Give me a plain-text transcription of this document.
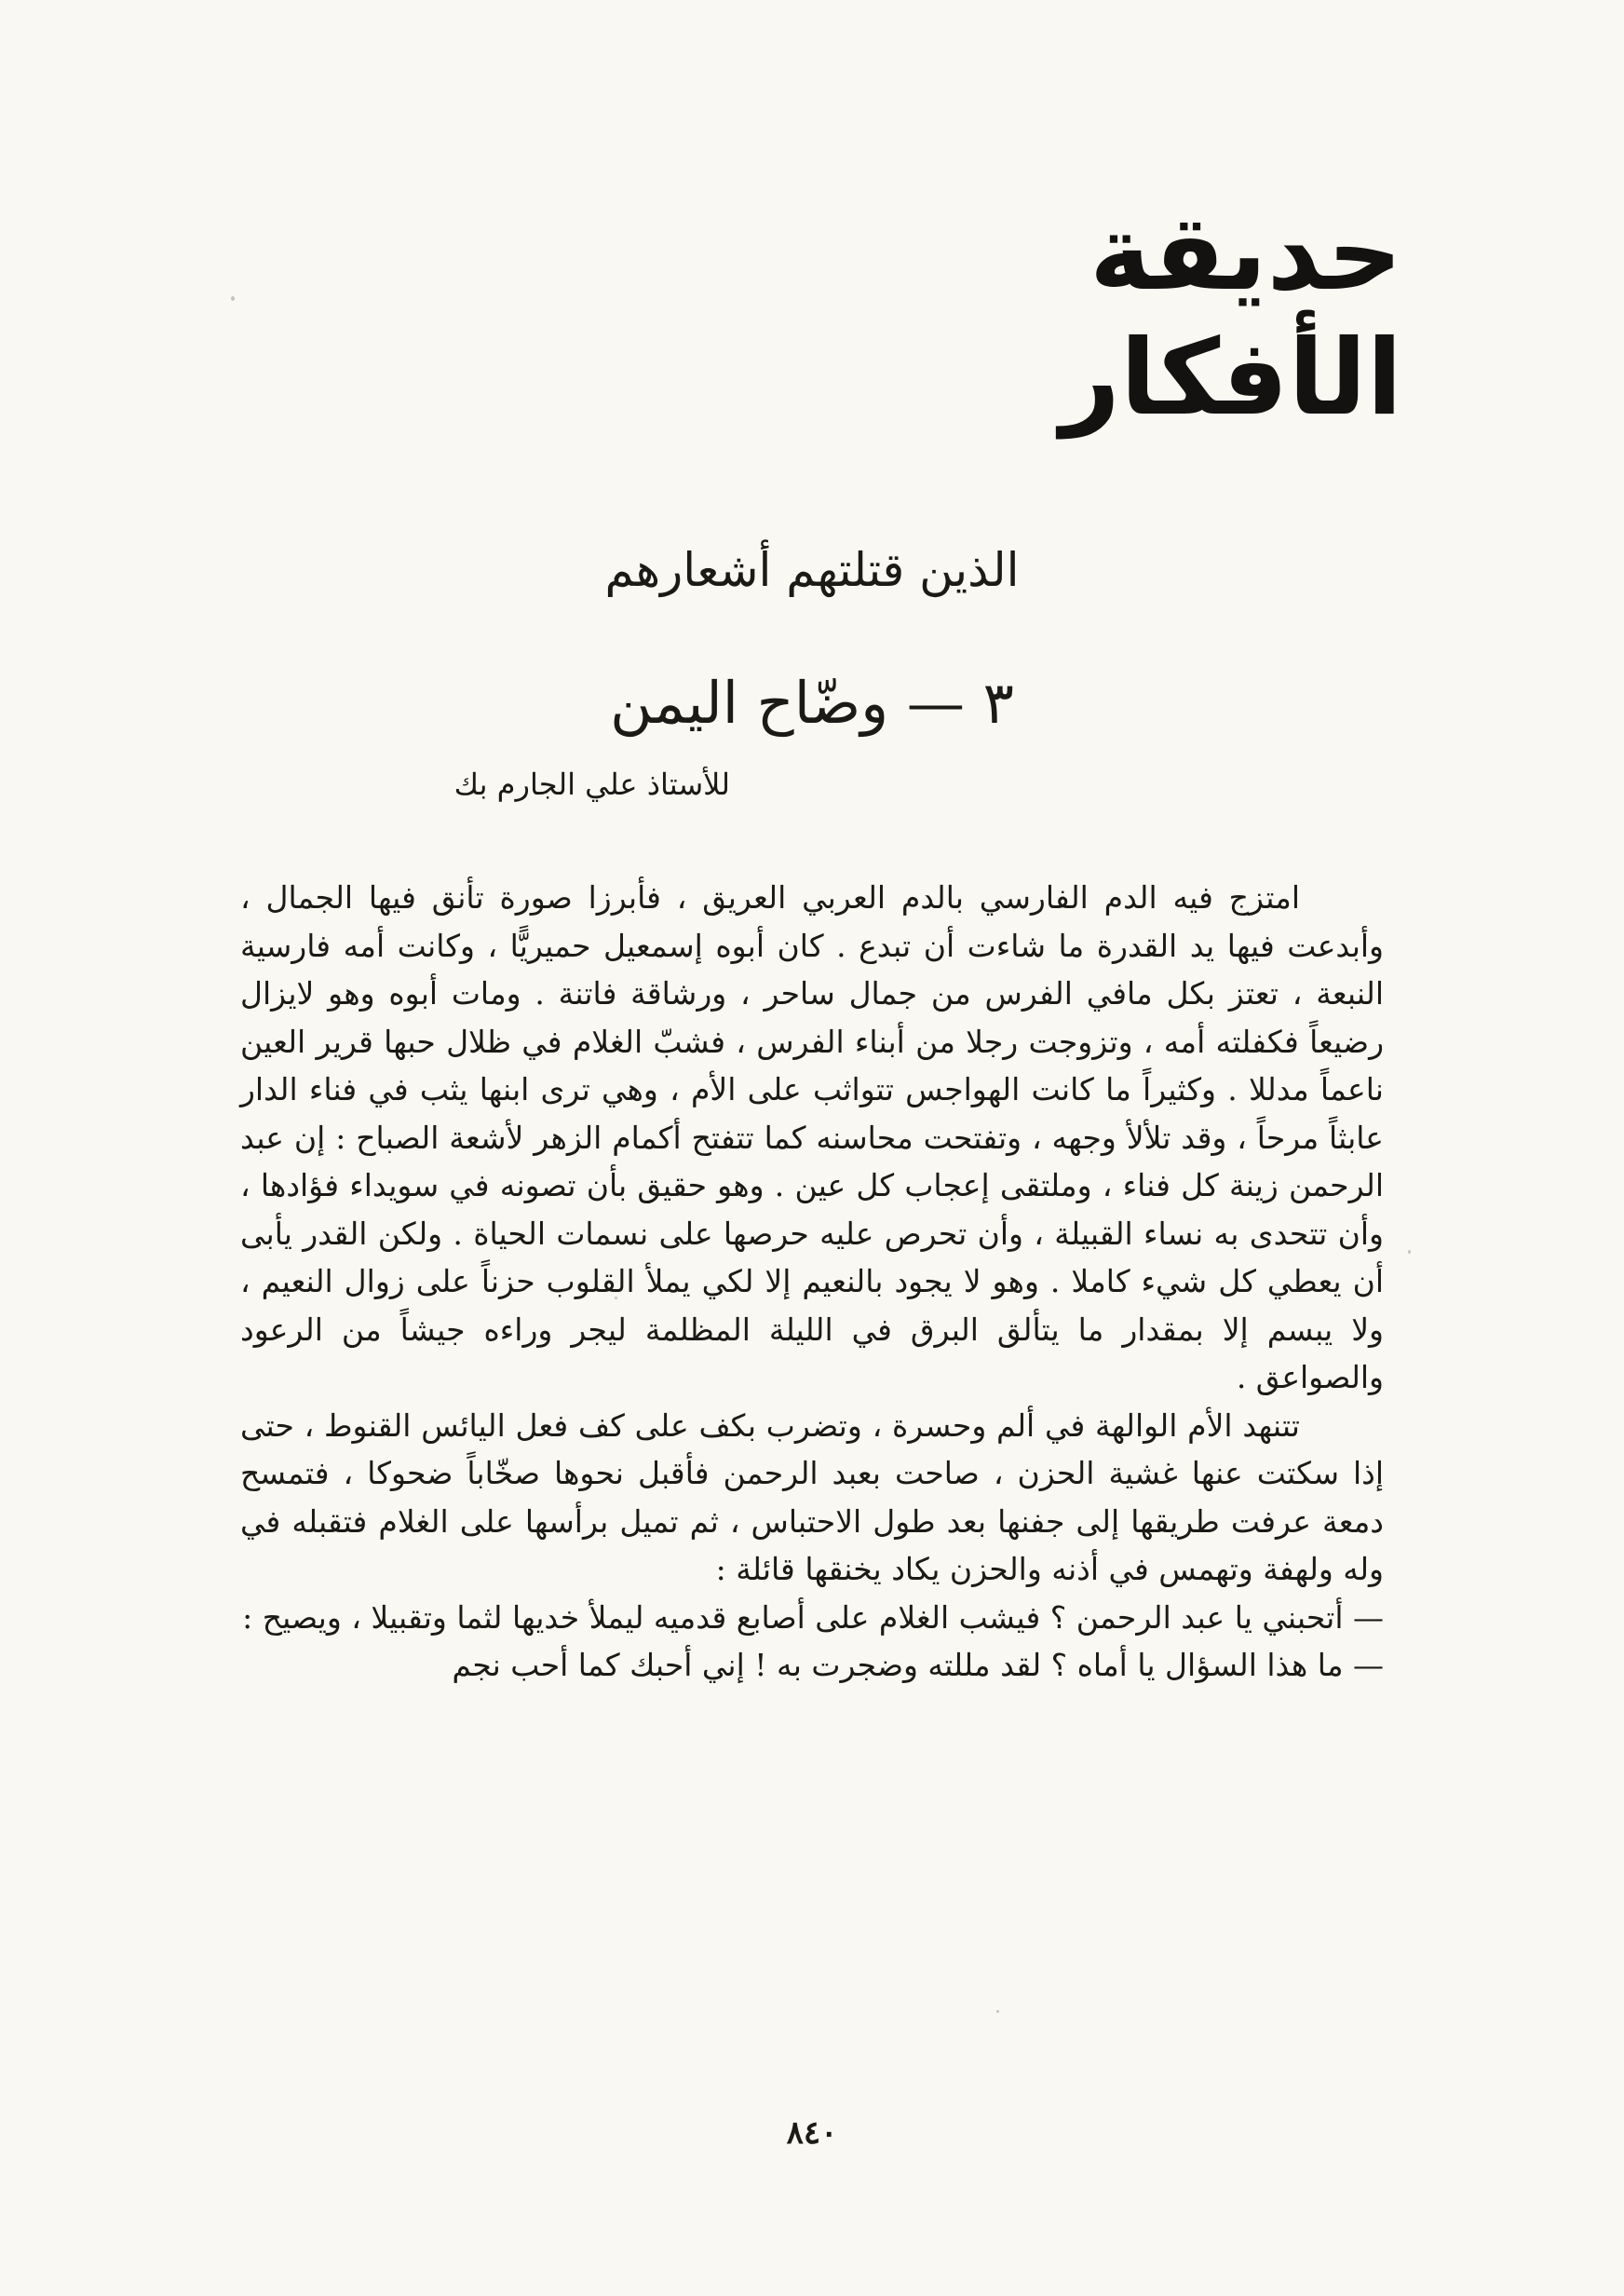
حديقة الأفكار
الذين قتلتهم أشعارهم
٣ — وضّاح اليمن
للأستاذ علي الجارم بك

امتزج فيه الدم الفارسي بالدم العربي العريق ، فأبرزا صورة تأنق فيها الجمال ، وأبدعت فيها يد القدرة ما شاءت أن تبدع . كان أبوه إسمعيل حميريًّا ، وكانت أمه فارسية النبعة ، تعتز بكل مافي الفرس من جمال ساحر ، ورشاقة فاتنة . ومات أبوه وهو لايزال رضيعاً فكفلته أمه ، وتزوجت رجلا من أبناء الفرس ، فشبّ الغلام في ظلال حبها قرير العين ناعماً مدللا . وكثيراً ما كانت الهواجس تتواثب على الأم ، وهي ترى ابنها يثب في فناء الدار عابثاً مرحاً ، وقد تلألأ وجهه ، وتفتحت محاسنه كما تتفتح أكمام الزهر لأشعة الصباح : إن عبد الرحمن زينة كل فناء ، وملتقى إعجاب كل عين . وهو حقيق بأن تصونه في سويداء فؤادها ، وأن تتحدى به نساء القبيلة ، وأن تحرص عليه حرصها على نسمات الحياة . ولكن القدر يأبى أن يعطي كل شيء كاملا . وهو لا يجود بالنعيم إلا لكي يملأ القلوب حزناً على زوال النعيم ، ولا يبسم إلا بمقدار ما يتألق البرق في الليلة المظلمة ليجر وراءه جيشاً من الرعود والصواعق .

تتنهد الأم الوالهة في ألم وحسرة ، وتضرب بكف على كف فعل اليائس القنوط ، حتى إذا سكتت عنها غشية الحزن ، صاحت بعبد الرحمن فأقبل نحوها صخّاباً ضحوكا ، فتمسح دمعة عرفت طريقها إلى جفنها بعد طول الاحتباس ، ثم تميل برأسها على الغلام فتقبله في وله ولهفة وتهمس في أذنه والحزن يكاد يخنقها قائلة :

— أتحبني يا عبد الرحمن ؟ فيشب الغلام على أصابع قدميه ليملأ خديها لثما وتقبيلا ، ويصيح :

— ما هذا السؤال يا أماه ؟ لقد مللته وضجرت به ! إني أحبك كما أحب نجم

٨٤٠
